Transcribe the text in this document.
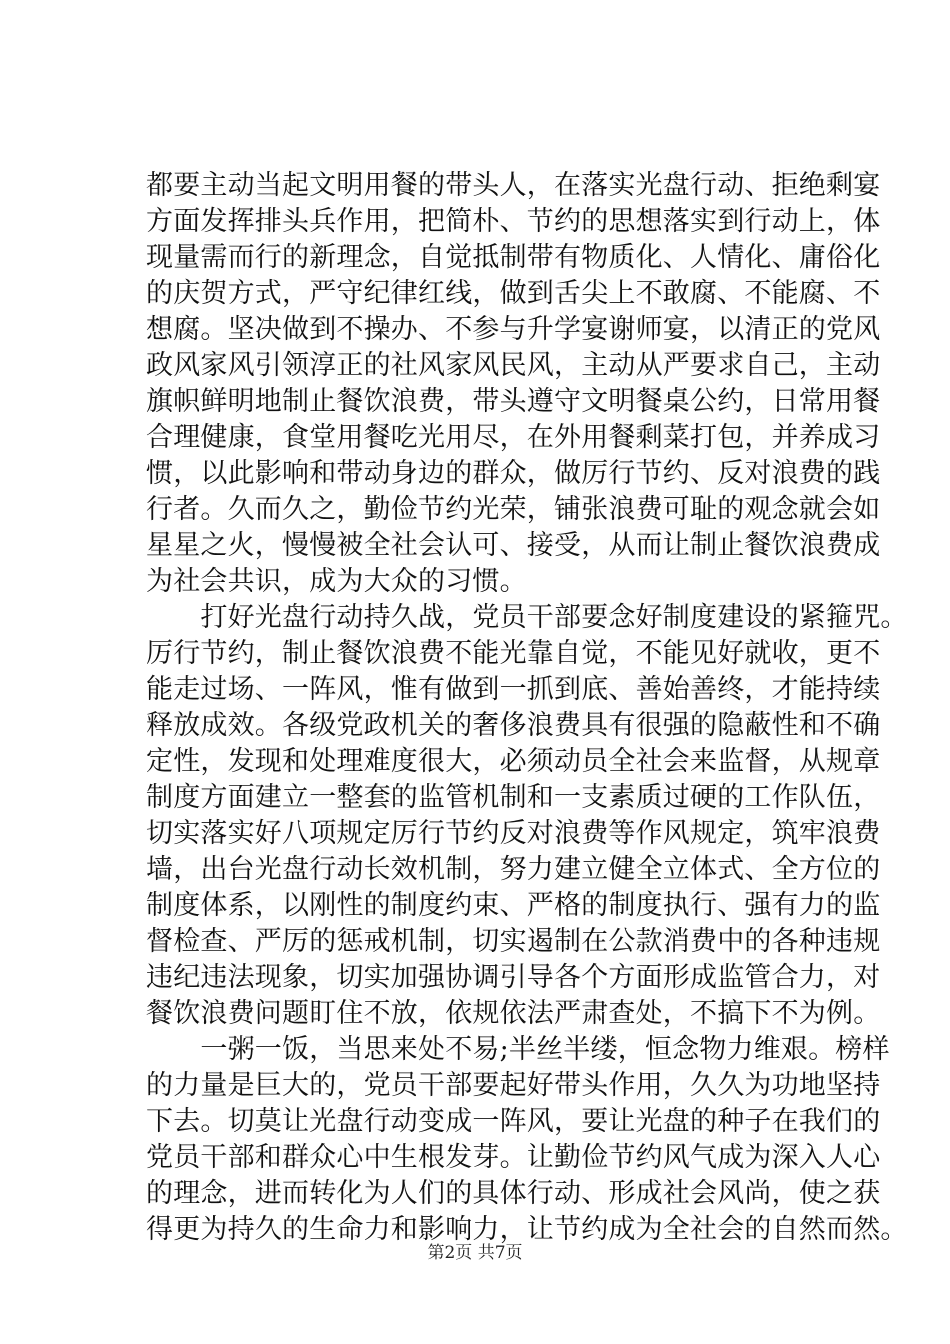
都要主动当起文明用餐的带头人，在落实光盘行动、拒绝剩宴
方面发挥排头兵作用，把简朴、节约的思想落实到行动上，体
现量需而行的新理念，自觉抵制带有物质化、人情化、庸俗化
的庆贺方式，严守纪律红线，做到舌尖上不敢腐、不能腐、不
想腐。坚决做到不操办、不参与升学宴谢师宴，以清正的党风
政风家风引领淳正的社风家风民风，主动从严要求自己，主动
旗帜鲜明地制止餐饮浪费，带头遵守文明餐桌公约，日常用餐
合理健康，食堂用餐吃光用尽，在外用餐剩菜打包，并养成习
惯，以此影响和带动身边的群众，做厉行节约、反对浪费的践
行者。久而久之，勤俭节约光荣，铺张浪费可耻的观念就会如
星星之火，慢慢被全社会认可、接受，从而让制止餐饮浪费成
为社会共识，成为大众的习惯。
　　打好光盘行动持久战，党员干部要念好制度建设的紧箍咒。
厉行节约，制止餐饮浪费不能光靠自觉，不能见好就收，更不
能走过场、一阵风，惟有做到一抓到底、善始善终，才能持续
释放成效。各级党政机关的奢侈浪费具有很强的隐蔽性和不确
定性，发现和处理难度很大，必须动员全社会来监督，从规章
制度方面建立一整套的监管机制和一支素质过硬的工作队伍，
切实落实好八项规定厉行节约反对浪费等作风规定，筑牢浪费
墙，出台光盘行动长效机制，努力建立健全立体式、全方位的
制度体系，以刚性的制度约束、严格的制度执行、强有力的监
督检查、严厉的惩戒机制，切实遏制在公款消费中的各种违规
违纪违法现象，切实加强协调引导各个方面形成监管合力，对
餐饮浪费问题盯住不放，依规依法严肃查处，不搞下不为例。
　　一粥一饭，当思来处不易;半丝半缕，恒念物力维艰。榜样
的力量是巨大的，党员干部要起好带头作用，久久为功地坚持
下去。切莫让光盘行动变成一阵风，要让光盘的种子在我们的
党员干部和群众心中生根发芽。让勤俭节约风气成为深入人心
的理念，进而转化为人们的具体行动、形成社会风尚，使之获
得更为持久的生命力和影响力，让节约成为全社会的自然而然。
第2页 共7页
